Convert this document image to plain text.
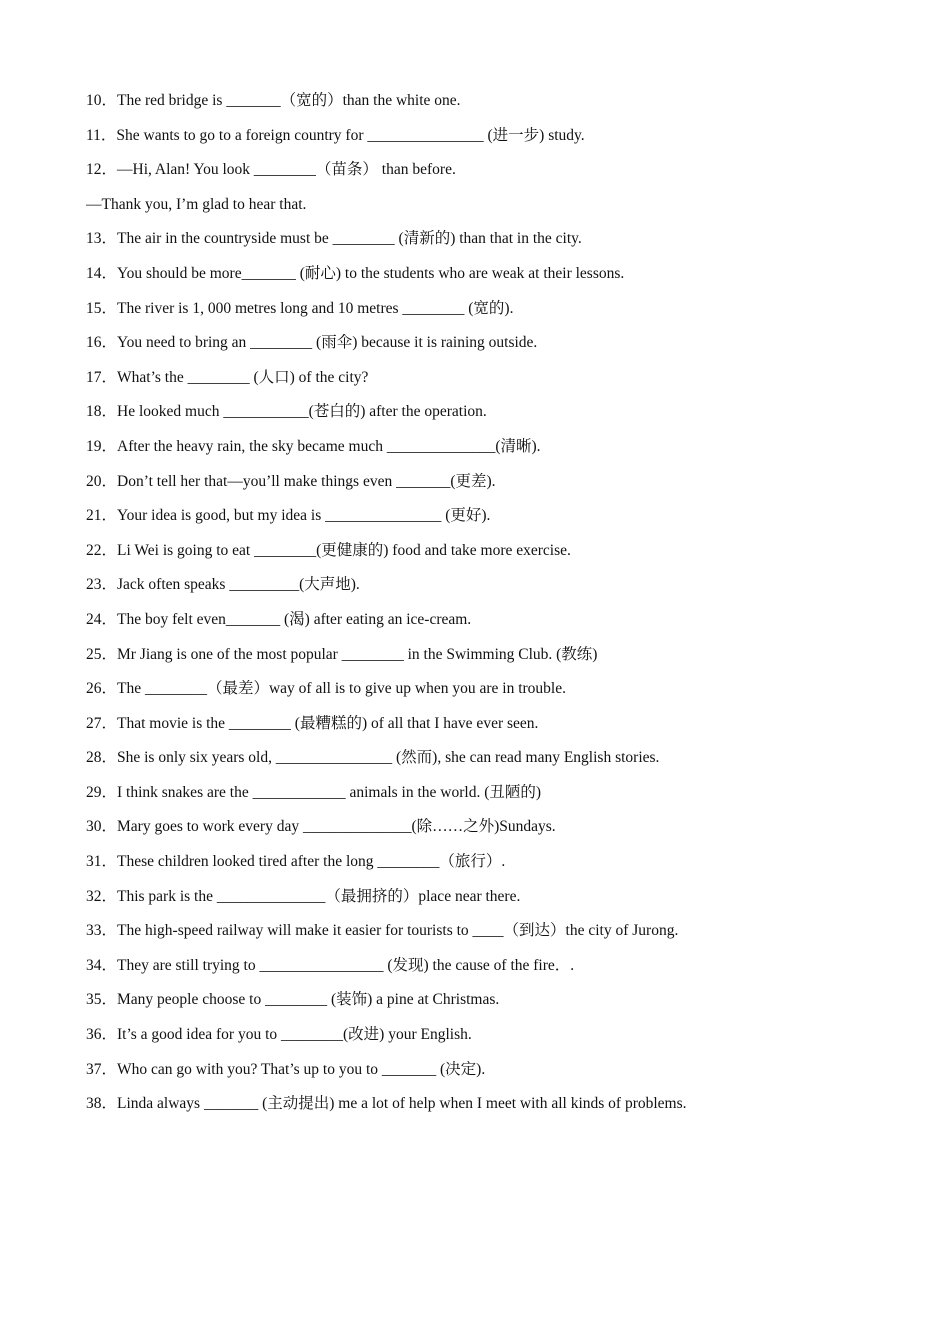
10．The red bridge is _______（宽的）than the white one.
11．She wants to go to a foreign country for _______________ (进一步) study.
12．—Hi, Alan! You look ________（苗条） than before.
—Thank you, I’m glad to hear that.
13．The air in the countryside must be ________ (清新的) than that in the city.
14．You should be more_______ (耐心) to the students who are weak at their lessons.
15．The river is 1, 000 metres long and 10 metres ________ (宽的).
16．You need to bring an ________ (雨伞) because it is raining outside.
17．What’s the ________ (人口) of the city?
18．He looked much ___________(苍白的) after the operation.
19．After the heavy rain, the sky became much ______________(清晰).
20．Don’t tell her that—you’ll make things even _______(更差).
21．Your idea is good, but my idea is _______________ (更好).
22．Li Wei is going to eat ________(更健康的) food and take more exercise.
23．Jack often speaks _________(大声地).
24．The boy felt even_______ (渴) after eating an ice-cream.
25．Mr Jiang is one of the most popular ________ in the Swimming Club. (教练)
26．The ________（最差）way of all is to give up when you are in trouble.
27．That movie is the ________ (最糟糕的) of all that I have ever seen.
28．She is only six years old, _______________ (然而), she can read many English stories.
29．I think snakes are the ____________ animals in the world. (丑陋的)
30．Mary goes to work every day ______________(除……之外)Sundays.
31．These children looked tired after the long ________（旅行）.
32．This park is the ______________（最拥挤的）place near there.
33．The high-speed railway will make it easier for tourists to ____（到达）the city of Jurong.
34．They are still trying to ________________ (发现) the cause of the fire．.
35．Many people choose to ________ (装饰) a pine at Christmas.
36．It’s a good idea for you to ________(改进) your English.
37．Who can go with you? That’s up to you to _______ (决定).
38．Linda always _______ (主动提出) me a lot of help when I meet with all kinds of problems.
